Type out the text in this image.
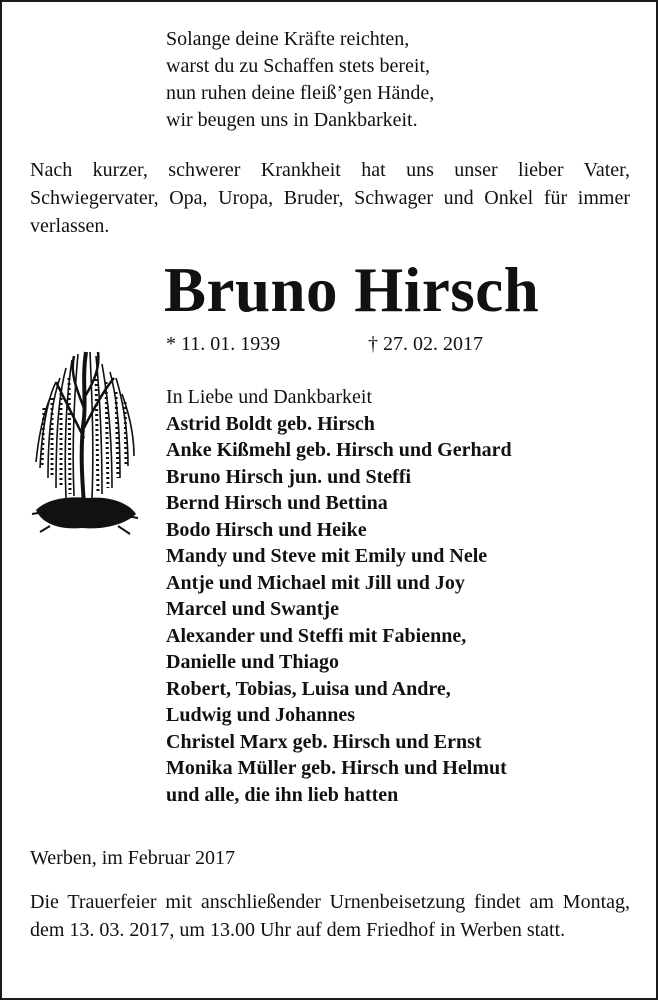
Solange deine Kräfte reichten,
warst du zu Schaffen stets bereit,
nun ruhen deine fleiß’gen Hände,
wir beugen uns in Dankbarkeit.
Nach kurzer, schwerer Krankheit hat uns unser lieber Vater, Schwiegervater, Opa, Uropa, Bruder, Schwager und Onkel für immer verlassen.
Bruno Hirsch
* 11. 01. 1939	† 27. 02. 2017
In Liebe und Dankbarkeit
Astrid Boldt geb. Hirsch
Anke Kißmehl geb. Hirsch und Gerhard
Bruno Hirsch jun. und Steffi
Bernd Hirsch und Bettina
Bodo Hirsch und Heike
Mandy und Steve mit Emily und Nele
Antje und Michael mit Jill und Joy
Marcel und Swantje
Alexander und Steffi mit Fabienne,
Danielle und Thiago
Robert, Tobias, Luisa und Andre,
Ludwig und Johannes
Christel Marx geb. Hirsch und Ernst
Monika Müller geb. Hirsch und Helmut
und alle, die ihn lieb hatten
Werben, im Februar 2017
Die Trauerfeier mit anschließender Urnenbeisetzung findet am Montag, dem 13. 03. 2017, um 13.00 Uhr auf dem Friedhof in Werben statt.
